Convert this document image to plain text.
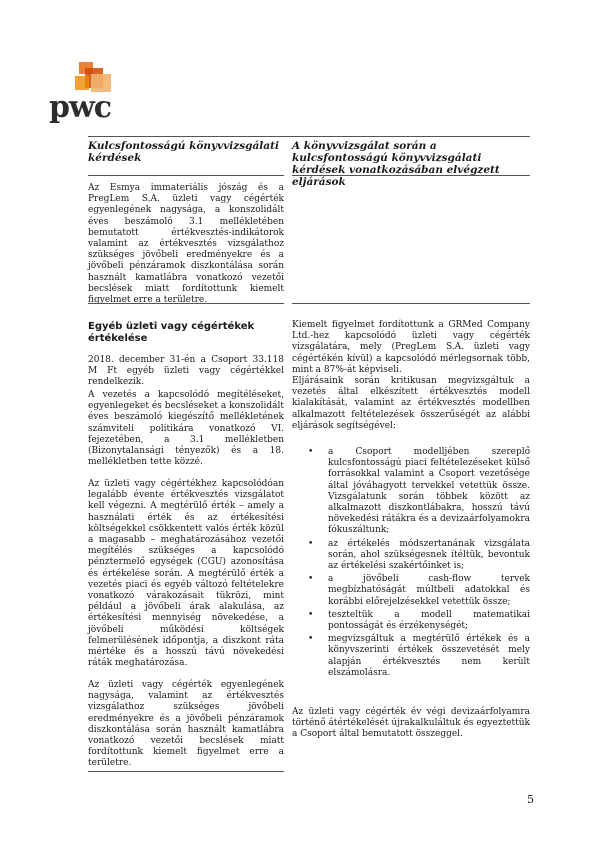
pwc
Kulcsfontosságú könyvvizsgálati kérdések
A könyvvizsgálat során a kulcsfontosságú könyvvizsgálati kérdések vonatkozásában elvégzett eljárások
Az Esmya immateriális jószág és a PregLem S.A. üzleti vagy cégérték egyenlegének nagysága, a konszolidált éves beszámoló 3.1 mellékletében bemutatott értékvesztés-indikátorok valamint az értékvesztés vizsgálathoz szükséges jövőbeli eredményekre és a jövőbeli pénzáramok diszkontálása során használt kamatlábra vonatkozó vezetői becslések miatt fordítottunk kiemelt figyelmet erre a területre.
Egyéb üzleti vagy cégértékek értékelése
2018. december 31-én a Csoport 33.118 M Ft egyéb üzleti vagy cégértékkel rendelkezik.
A vezetés a kapcsolódó megítéléseket, egyenlegeket és becsléseket a konszolidált éves beszámoló kiegészítő mellékletének számviteli politikára vonatkozó VI. fejezetében, a 3.1 mellékletben (Bizonytalansági tényezők) és a 18. mellékletben tette közzé.
Az üzleti vagy cégértékhez kapcsolódóan legalább évente értékvesztés vizsgálatot kell végezni. A megtérülő érték – amely a használati érték és az értékesítési költségekkel csökkentett valós érték közül a magasabb – meghatározásához vezetői megítélés szükséges a kapcsolódó pénztermelő egységek (CGU) azonosítása és értékelése során. A megtérülő érték a vezetés piaci és egyéb változó feltételekre vonatkozó várakozásait tükrözi, mint például a jövőbeli árak alakulása, az értékesítési mennyiség növekedése, a jövőbeli működési költségek felmerülésének időpontja, a diszkont ráta mértéke és a hosszú távú növekedési ráták meghatározása.
Az üzleti vagy cégérték egyenlegének nagysága, valamint az értékvesztés vizsgálathoz szükséges jövőbeli eredményekre és a jövőbeli pénzáramok diszkontálása során használt kamatlábra vonatkozó vezetői becslések miatt fordítottunk kiemelt figyelmet erre a területre.
Kiemelt figyelmet fordítottunk a GRMed Company Ltd.-hez kapcsolódó üzleti vagy cégérték vizsgálatára, mely (PregLem S.A. üzleti vagy cégértékén kívül) a kapcsolódó mérlegsornak több, mint a 87%-át képviseli.
Eljárásaink során kritikusan megvizsgáltuk a vezetés által elkészített értékvesztés modell kialakítását, valamint az értékvesztés modellben alkalmazott feltételezések összerűségét az alábbi eljárások segítségével:
• a Csoport modelljében szereplő kulcsfontosságú piaci feltételezéseket külső forrásokkal valamint a Csoport vezetősége által jóváhagyott tervekkel vetettük össze. Vizsgálatunk során többek között az alkalmazott diszkontlábakra, hosszú távú növekedési rátákra és a devizaárfolyamokra fókuszáltunk;
• az értékelés módszertanának vizsgálata során, ahol szükségesnek ítéltük, bevontuk az értékelési szakértőinket is;
• a jövőbeli cash-flow tervek megbízhatóságát múltbeli adatokkal és korábbi előrejelzésekkel vetettük össze;
• teszteltük a modell matematikai pontosságát és érzékenységét;
• megvizsgáltuk a megtérülő értékek és a könyvszerinti értékek összevetését mely alapján értékvesztés nem került elszámolásra.
Az üzleti vagy cégérték év végi devizaárfolyamra történő átértékelését újrakalkuláltuk és egyeztettük a Csoport által bemutatott összeggel.
5
